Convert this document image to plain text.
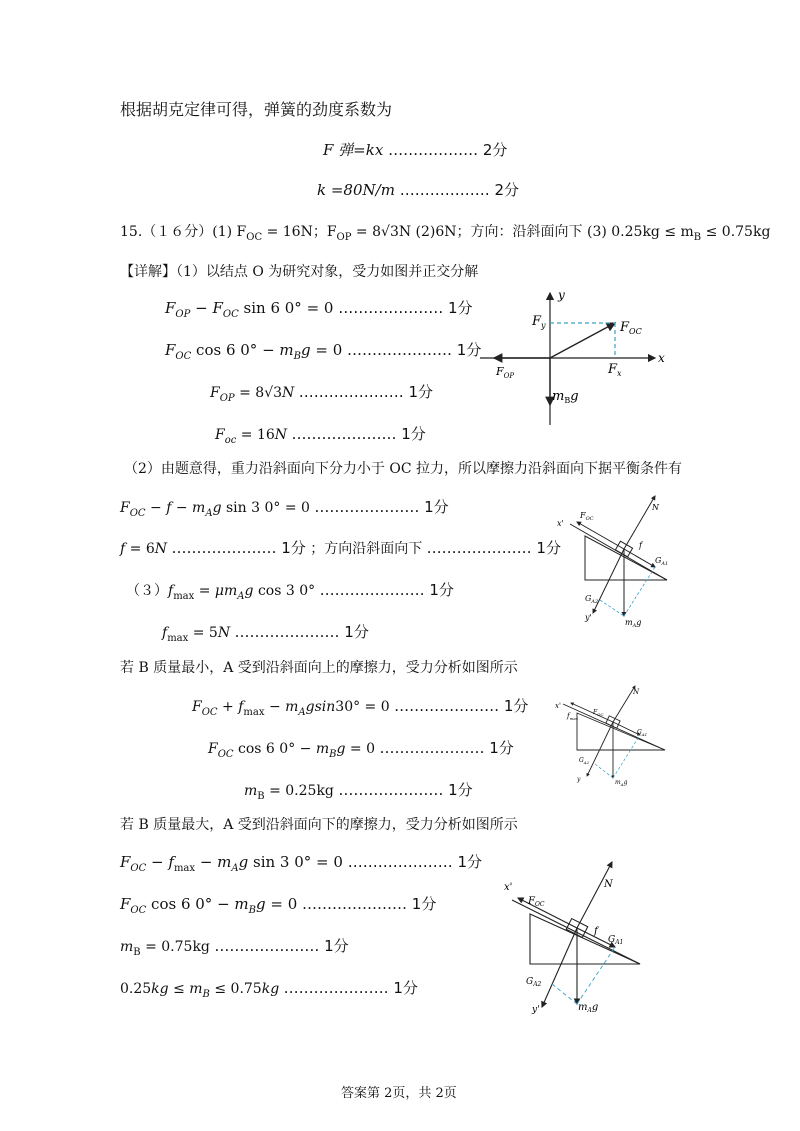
根据胡克定律可得，弹簧的劲度系数为
F 弹=kx ……………… 2分
k =80N/m ……………… 2分
15.（１６分）(1) $F_{OC} = 16N$；$F_{OP} = 8√3N$ (2)6N；方向：沿斜面向下 (3) $0.25kg \le m_B \le 0.75kg$
【详解】（1）以结点 O 为研究对象，受力如图并正交分解
$F_{OP} - F_{OC}$ sin 6 0° = 0 ………………… 1分
$F_{OC}$ cos 6 $0^\circ - m_Bg = 0$ ………………… 1分
$F_{OP} = 8√3N$ ………………… 1分
$F_{oc} = 16N$ ………………… 1分
（2）由题意得，重力沿斜面向下分力小于 OC 拉力，所以摩擦力沿斜面向下据平衡条件有
$F_{OC} - f - m_Ag$ sin 3 0° = 0 ………………… 1分
f = 6N ………………… 1分 ；方向沿斜面向下 ………………… 1分
$(3)f_{max} = \mu m_Ag$ cos 3 0° ………………… 1分
$f_{max} = 5N$ ………………… 1分
若 B 质量最小，A 受到沿斜面向上的摩擦力，受力分析如图所示
$F_{OC} + f_{max} - m_Agsin30^\circ = 0$ ………………… 1分
$F_{OC}$ cos 6 $0^\circ - m_Bg = 0$ ………………… 1分
$m_B = 0.25kg$ ………………… 1分
若 B 质量最大，A 受到沿斜面向下的摩擦力，受力分析如图所示
$F_{OC} - f_{max} - m_Ag$ sin 3 0° = 0 ………………… 1分
$F_{OC}$ cos 6 $0^\circ - m_Bg = 0$ ………………… 1分
$m_B = 0.75kg$ ………………… 1分
$0.25kg \le m_B \le 0.75kg$ ………………… 1分
答案第 2页，共 2页
y
x
$F_y$	$F_{OC}$
$F_{OP}$	$F_x$
$m_Bg$
x'
$F_{OC}$
N
f
$G_{A1}$
$G_{A2}$
y'
$m_Ag$
x'
$f_{max}$
$F_{OC}$
N
$G_{A1}$
$G_{A2}$
y	$m_Ag$
x'
$F_{OC}$
N
f
$G_{A1}$
$G_{A2}$
y'	$m_Ag$
